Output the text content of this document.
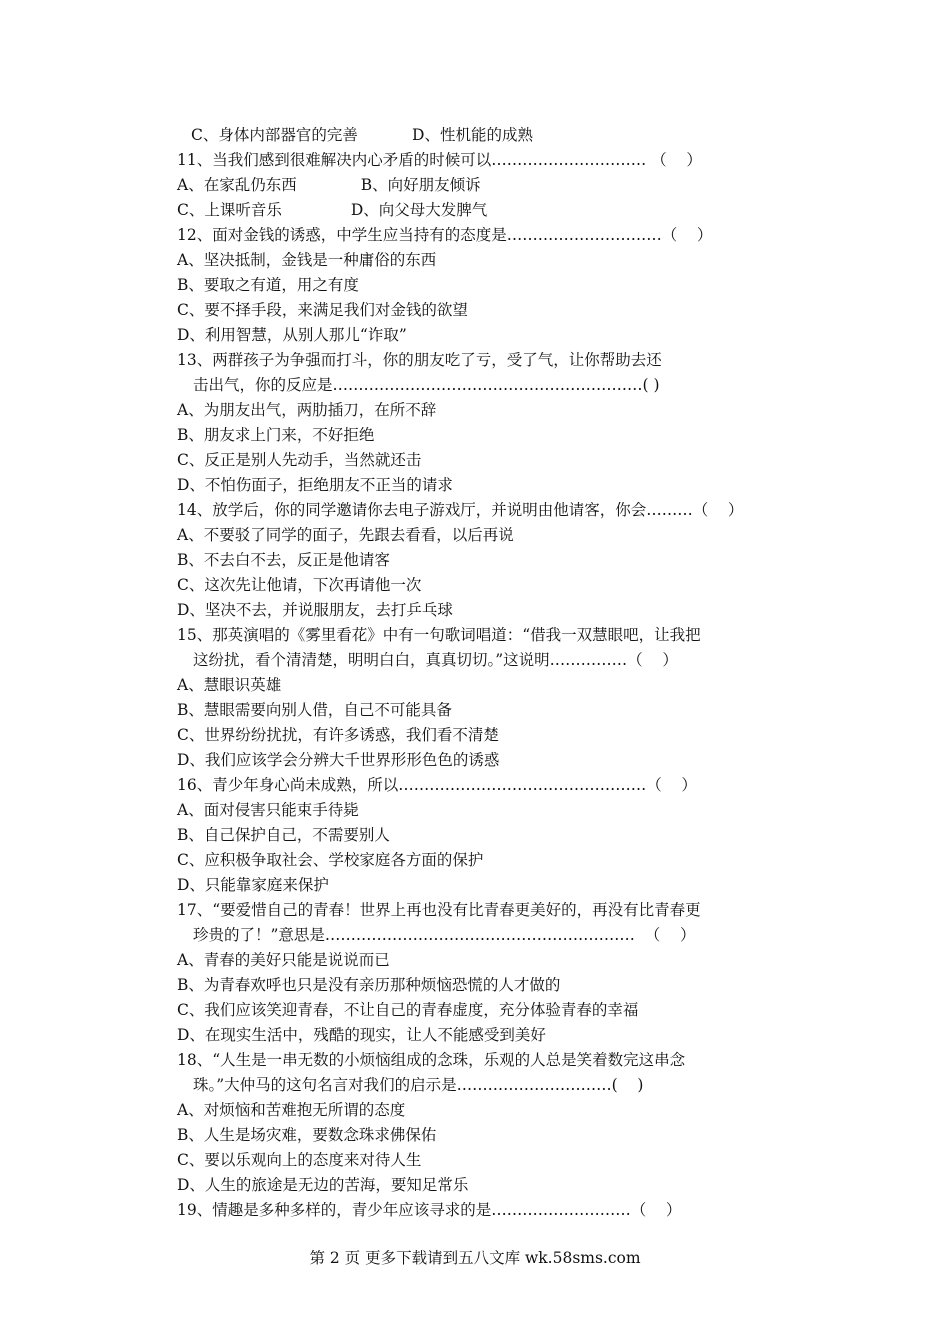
C、身体内部器官的完善           D、性机能的成熟
11、当我们感到很难解决内心矛盾的时候可以………………………… （    ）
A、在家乱仍东西             B、向好朋友倾诉
C、上课听音乐              D、向父母大发脾气
12、面对金钱的诱惑，中学生应当持有的态度是…………………………（    ）
A、坚决抵制，金钱是一种庸俗的东西
B、要取之有道，用之有度
C、要不择手段，来满足我们对金钱的欲望
D、利用智慧，从别人那儿“诈取”
13、两群孩子为争强而打斗，你的朋友吃了亏，受了气，让你帮助去还
击出气，你的反应是……………………………………………………( )
A、为朋友出气，两肋插刀，在所不辞
B、朋友求上门来，不好拒绝
C、反正是别人先动手，当然就还击
D、不怕伤面子，拒绝朋友不正当的请求
14、放学后，你的同学邀请你去电子游戏厅，并说明由他请客，你会………（    ）
A、不要驳了同学的面子，先跟去看看，以后再说
B、不去白不去，反正是他请客
C、这次先让他请，下次再请他一次
D、坚决不去，并说服朋友，去打乒乓球
15、那英演唱的《雾里看花》中有一句歌词唱道：“借我一双慧眼吧，让我把
这纷扰，看个清清楚，明明白白，真真切切。”这说明……………（    ）
A、慧眼识英雄
B、慧眼需要向别人借，自己不可能具备
C、世界纷纷扰扰，有许多诱惑，我们看不清楚
D、我们应该学会分辨大千世界形形色色的诱惑
16、青少年身心尚未成熟，所以…………………………………………（    ）
A、面对侵害只能束手待毙
B、自己保护自己，不需要别人
C、应积极争取社会、学校家庭各方面的保护
D、只能靠家庭来保护
17、“要爱惜自己的青春！世界上再也没有比青春更美好的，再没有比青春更
珍贵的了！”意思是……………………………………………………  （    ）
A、青春的美好只能是说说而已
B、为青春欢呼也只是没有亲历那种烦恼恐慌的人才做的
C、我们应该笑迎青春，不让自己的青春虚度，充分体验青春的幸福
D、在现实生活中，残酷的现实，让人不能感受到美好
18、“人生是一串无数的小烦恼组成的念珠，乐观的人总是笑着数完这串念
珠。”大仲马的这句名言对我们的启示是…………………………(    )
A、对烦恼和苦难抱无所谓的态度
B、人生是场灾难，要数念珠求佛保佑
C、要以乐观向上的态度来对待人生
D、人生的旅途是无边的苦海，要知足常乐
19、情趣是多种多样的，青少年应该寻求的是………………………（    ）
第 2 页 更多下载请到五八文库 wk.58sms.com
